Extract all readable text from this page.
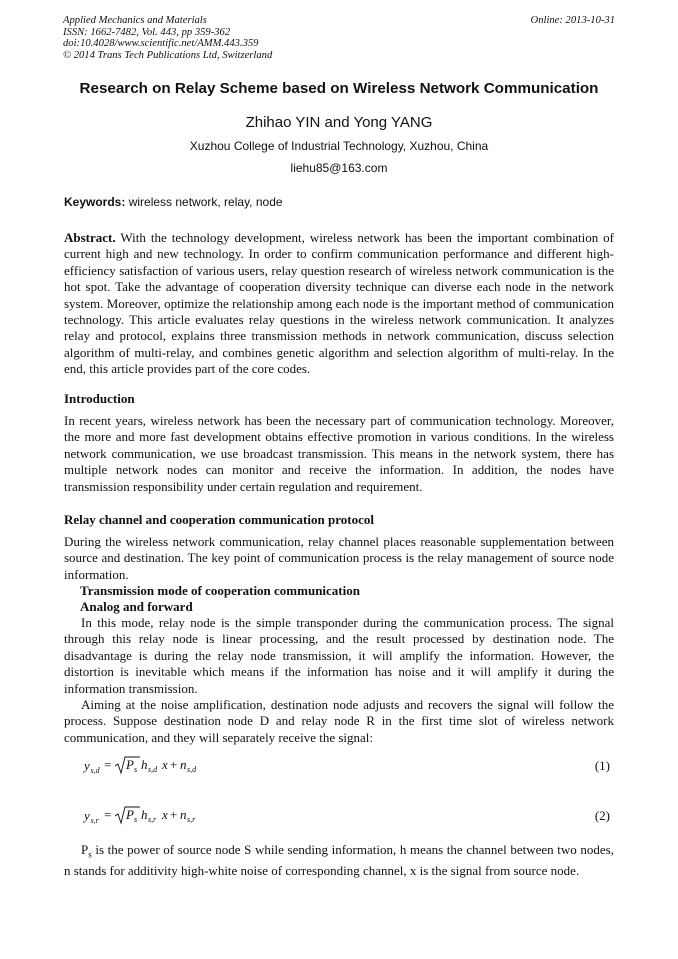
Applied Mechanics and Materials
ISSN: 1662-7482, Vol. 443, pp 359-362
doi:10.4028/www.scientific.net/AMM.443.359
© 2014 Trans Tech Publications Ltd, Switzerland
Online: 2013-10-31
Research on Relay Scheme based on Wireless Network Communication
Zhihao YIN and Yong YANG
Xuzhou College of Industrial Technology, Xuzhou, China
liehu85@163.com
Keywords: wireless network, relay, node

Abstract. With the technology development, wireless network has been the important combination of current high and new technology. In order to confirm communication performance and different high-efficiency satisfaction of various users, relay question research of wireless network communication is the hot spot. Take the advantage of cooperation diversity technique can diverse each node in the network system. Moreover, optimize the relationship among each node is the important method of communication technology. This article evaluates relay questions in the wireless network communication. It analyzes relay and protocol, explains three transmission methods in network communication, discuss selection algorithm of multi-relay, and combines genetic algorithm and selection algorithm of multi-relay. In the end, this article provides part of the core codes.

Introduction

In recent years, wireless network has been the necessary part of communication technology. Moreover, the more and more fast development obtains effective promotion in various conditions. In the wireless network communication, we use broadcast transmission. This means in the network system, there has multiple network nodes can monitor and receive the information. In addition, the nodes have transmission responsibility under certain regulation and requirement.

Relay channel and cooperation communication protocol

During the wireless network communication, relay channel places reasonable supplementation between source and destination. The key point of communication process is the relay management of source node information.

Transmission mode of cooperation communication
Analog and forward

In this mode, relay node is the simple transponder during the communication process. The signal through this relay node is linear processing, and the result processed by destination node. The disadvantage is during the relay node transmission, it will amplify the information. However, the distortion is inevitable which means if the information has noise and it will amplify it during the information transmission.

Aiming at the noise amplification, destination node adjusts and recovers the signal will follow the process. Suppose destination node D and relay node R in the first time slot of wireless network communication, and they will separately receive the signal:

y s,d = P s h s,d x + n s,d	(1)
y s,r = P s h s,r x + n s,r	(2)

$P_s$ is the power of source node S while sending information, h means the channel between two nodes, n stands for additivity high-white noise of corresponding channel, x is the signal from source node.
